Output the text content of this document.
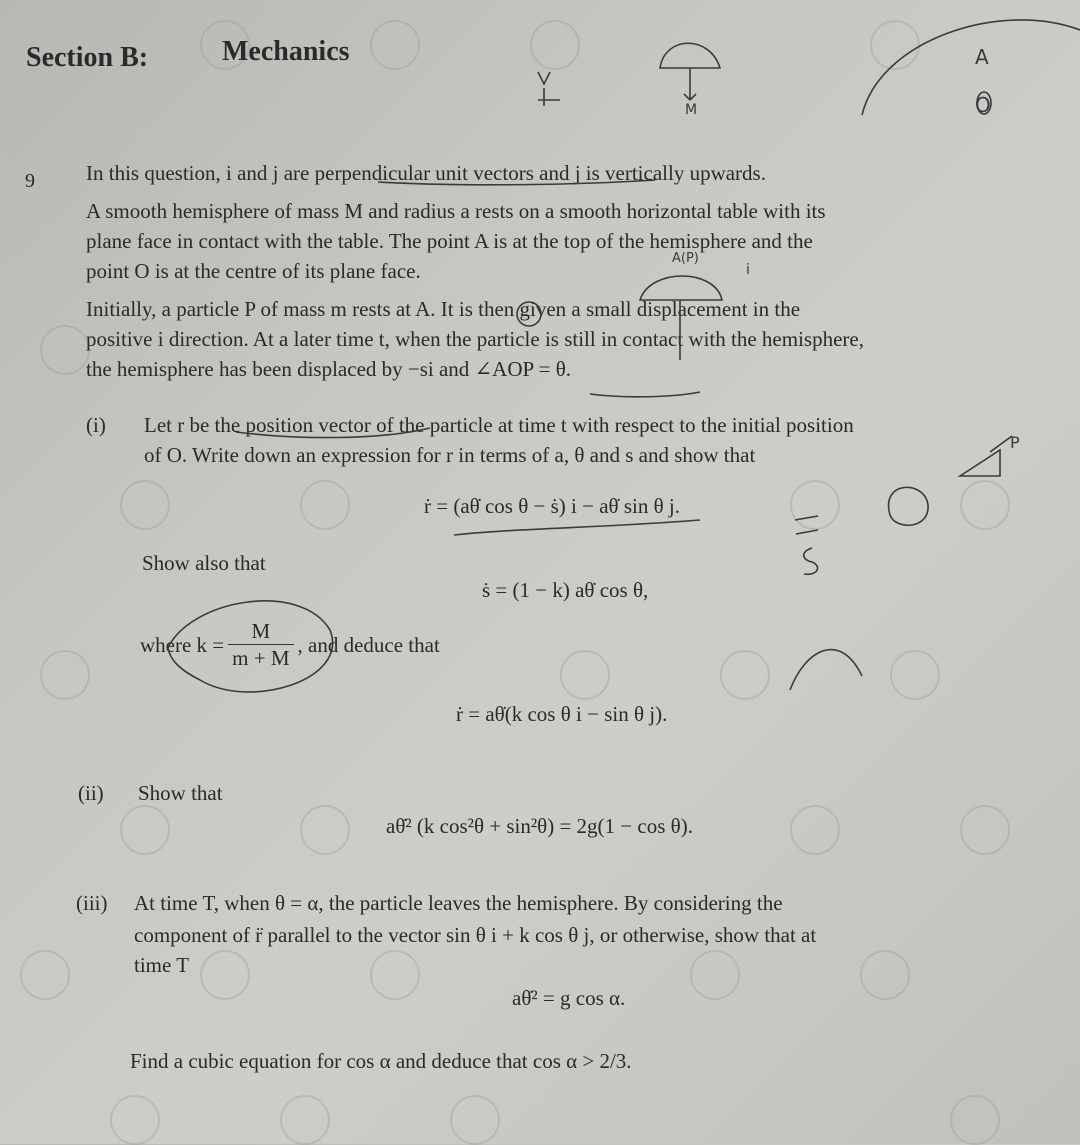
Section B:	Mechanics
9 In this question, i and j are perpendicular unit vectors and j is vertically upwards.
A smooth hemisphere of mass M and radius a rests on a smooth horizontal table with its
plane face in contact with the table. The point A is at the top of the hemisphere and the
point O is at the centre of its plane face.
Initially, a particle P of mass m rests at A. It is then given a small displacement in the
positive i direction. At a later time t, when the particle is still in contact with the hemisphere,
the hemisphere has been displaced by −si and ∠AOP = θ.
(i) Let r be the position vector of the particle at time t with respect to the initial position
of O. Write down an expression for r in terms of a, θ and s and show that
ṙ = (aθ̇ cos θ − ṡ) i − aθ̇ sin θ j.
Show also that
ṡ = (1 − k) aθ̇ cos θ,
where $k = \frac{M}{m + M}$ , and deduce that
ṙ = aθ̇(k cos θ i − sin θ j).
(ii) Show that
aθ̇² (k cos²θ + sin²θ) = 2g(1 − cos θ).
(iii) At time T, when θ = α, the particle leaves the hemisphere. By considering the
component of r̈ parallel to the vector sin θ i + k cos θ j, or otherwise, show that at
time T
aθ̇² = g cos α.
Find a cubic equation for cos α and deduce that cos α > 2/3.
A
O
M
A(P)
i
P
